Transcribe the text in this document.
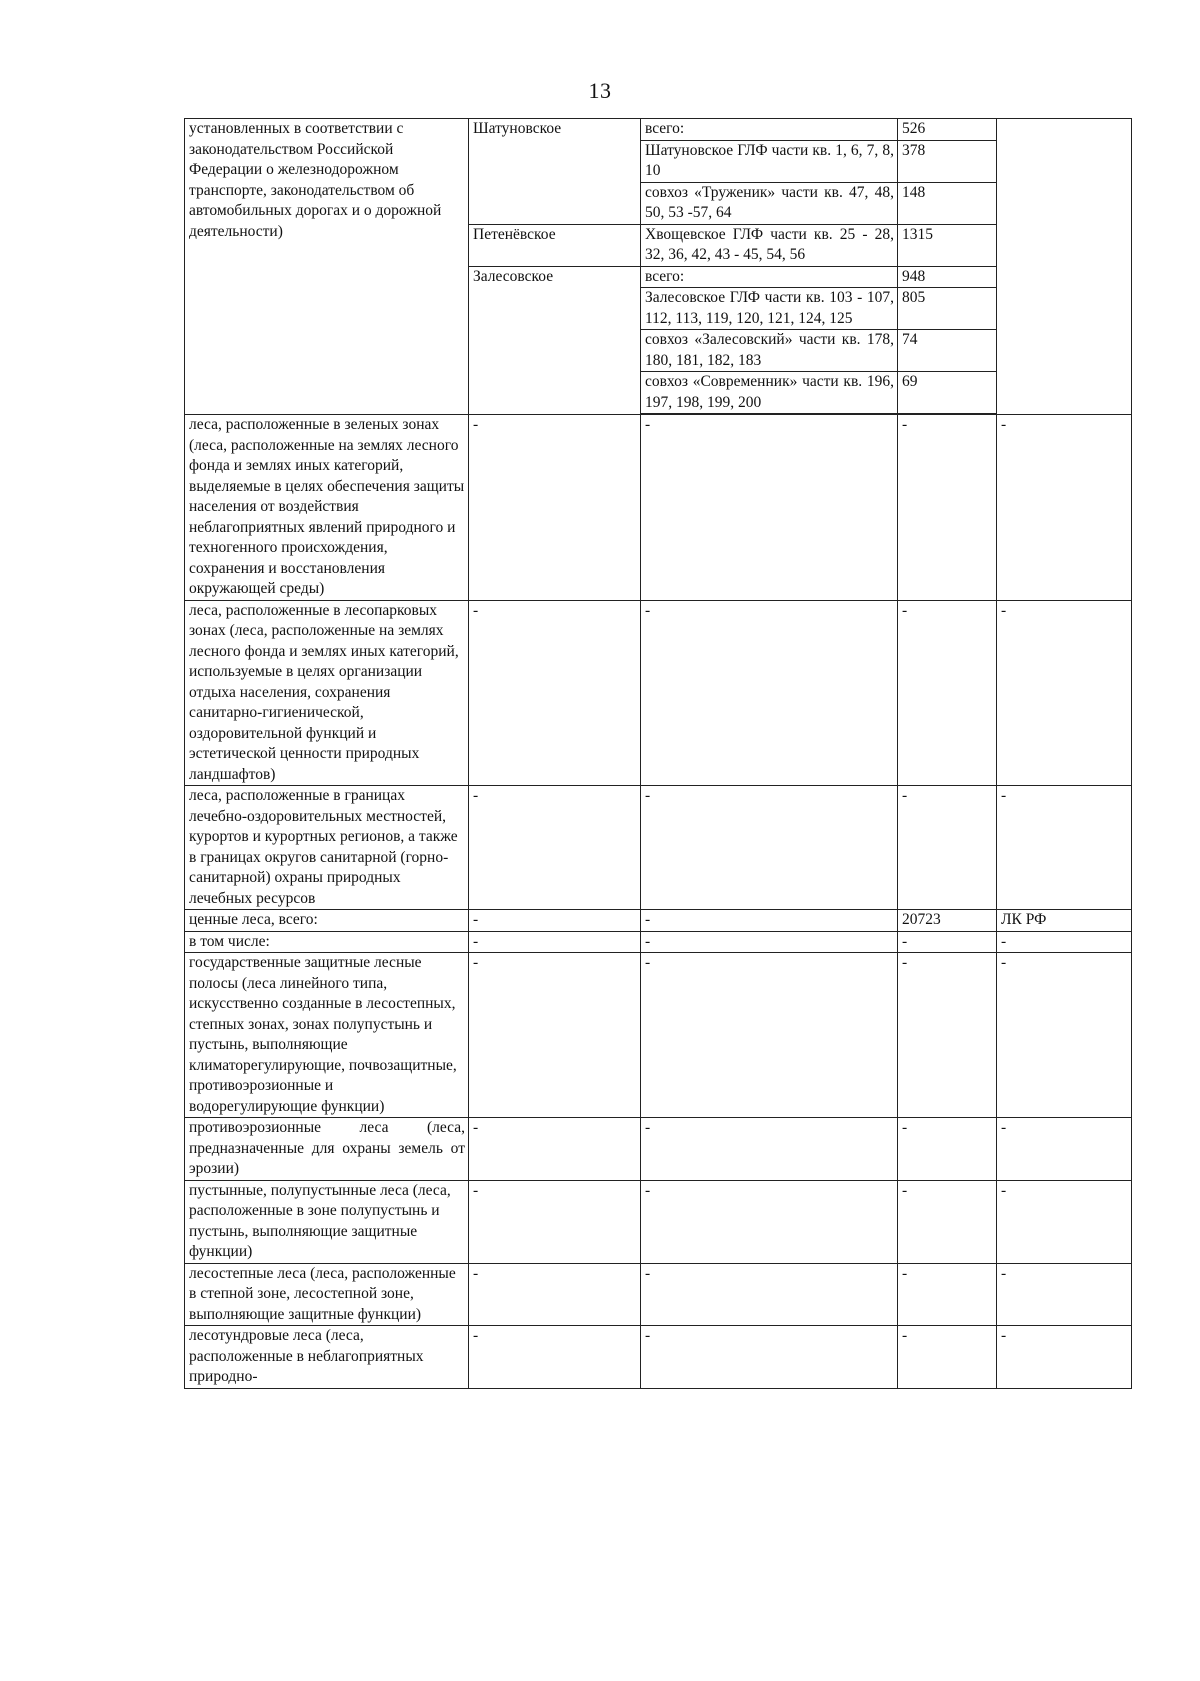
13
установленных в соответствии с законодательством Российской Федерации о железнодорожном транспорте, законодательством об автомобильных дорогах и о дорожной деятельности)	Шатуновское	всего:	526	
		Шатуновское ГЛФ части кв. 1, 6, 7, 8, 10	378	
		совхоз «Труженик» части кв. 47, 48, 50, 53 -57, 64	148	
	Петенёвское	Хвощевское ГЛФ части кв. 25 - 28, 32, 36, 42, 43 - 45, 54, 56	1315	
	Залесовское	всего:	948	
		Залесовское ГЛФ части кв. 103 - 107, 112, 113, 119, 120, 121, 124, 125	805	
		совхоз «Залесовский» части кв. 178, 180, 181, 182, 183	74	
		совхоз «Современник» части кв. 196, 197, 198, 199, 200	69	

леса, расположенные в зеленых зонах (леса, расположенные на землях лесного фонда и землях иных категорий, выделяемые в целях обеспечения защиты населения от воздействия неблагоприятных явлений природного и техногенного происхождения, сохранения и восстановления окружающей среды)	-	-	-	-
леса, расположенные в лесопарковых зонах (леса, расположенные на землях лесного фонда и землях иных категорий, используемые в целях организации отдыха населения, сохранения санитарно-гигиенической, оздоровительной функций и эстетической ценности природных ландшафтов)	-	-	-	-
леса, расположенные в границах лечебно-оздоровительных местностей, курортов и курортных регионов, а также в границах округов санитарной (горно-санитарной) охраны природных лечебных ресурсов	-	-	-	-
ценные леса, всего:	-	-	20723	ЛК РФ
в том числе:	-	-	-	-
государственные защитные лесные полосы (леса линейного типа, искусственно созданные в лесостепных, степных зонах, зонах полупустынь и пустынь, выполняющие климаторегулирующие, почвозащитные, противоэрозионные и водорегулирующие функции)	-	-	-	-
противоэрозионные леса (леса, предназначенные для охраны земель от эрозии)	-	-	-	-
пустынные, полупустынные леса (леса, расположенные в зоне полупустынь и пустынь, выполняющие защитные функции)	-	-	-	-
лесостепные леса (леса, расположенные в степной зоне, лесостепной зоне, выполняющие защитные функции)	-	-	-	-
лесотундровые леса (леса, расположенные в неблагоприятных природно-	-	-	-	-
